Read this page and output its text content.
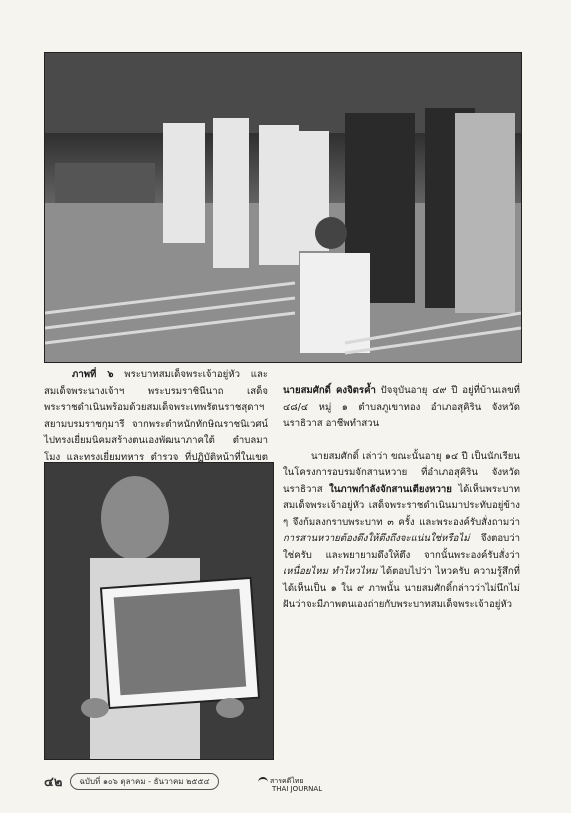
ภาพที่ ๖ พระบาทสมเด็จพระเจ้าอยู่หัว และสมเด็จพระนางเจ้าฯ พระบรมราชินีนาถ เสด็จพระราชดำเนินพร้อมด้วยสมเด็จพระเทพรัตนราชสุดาฯ สยามบรมราชกุมารี จากพระตำหนักทักษิณราชนิเวศน์ ไปทรงเยี่ยมนิคมสร้างตนเองพัฒนาภาคใต้ ตำบลมาโมง และทรงเยี่ยมทหาร ตำรวจ ที่ปฏิบัติหน้าที่ในเขต

นายสมศักดิ์ คงจิตรค้ำ ปัจจุบันอายุ ๔๙ ปี อยู่ที่บ้านเลขที่ ๔๘/๔ หมู่ ๑ ตำบลภูเขาทอง อำเภอสุคิริน จังหวัดนราธิวาส อาชีพทำสวน

นายสมศักดิ์ เล่าว่า ขณะนั้นอายุ ๑๔ ปี เป็นนักเรียนในโครงการอบรมจักสานหวาย ที่อำเภอสุคิริน จังหวัดนราธิวาส ในภาพกำลังจักสานเตียงหวาย ได้เห็นพระบาทสมเด็จพระเจ้าอยู่หัว เสด็จพระราชดำเนินมาประทับอยู่ข้าง ๆ จึงก้มลงกราบพระบาท ๓ ครั้ง และพระองค์รับสั่งถามว่า การสานหวายต้องดึงให้ตึงถึงจะแน่นใช่หรือไม่ จึงตอบว่าใช่ครับ และพยายามดึงให้ตึง จากนั้นพระองค์รับสั่งว่า เหนื่อยไหม ทำไหวไหม ได้ตอบไปว่า ไหวครับ ความรู้สึกที่ได้เห็นเป็น ๑ ใน ๙ ภาพนั้น นายสมศักดิ์กล่าวว่าไม่นึกไม่ฝันว่าจะมีภาพตนเองถ่ายกับพระบาทสมเด็จพระเจ้าอยู่หัว

๔๒	ฉบับที่ ๑๐๖ ตุลาคม - ธันวาคม ๒๕๕๔	สารคดีไทย
THAI JOURNAL
